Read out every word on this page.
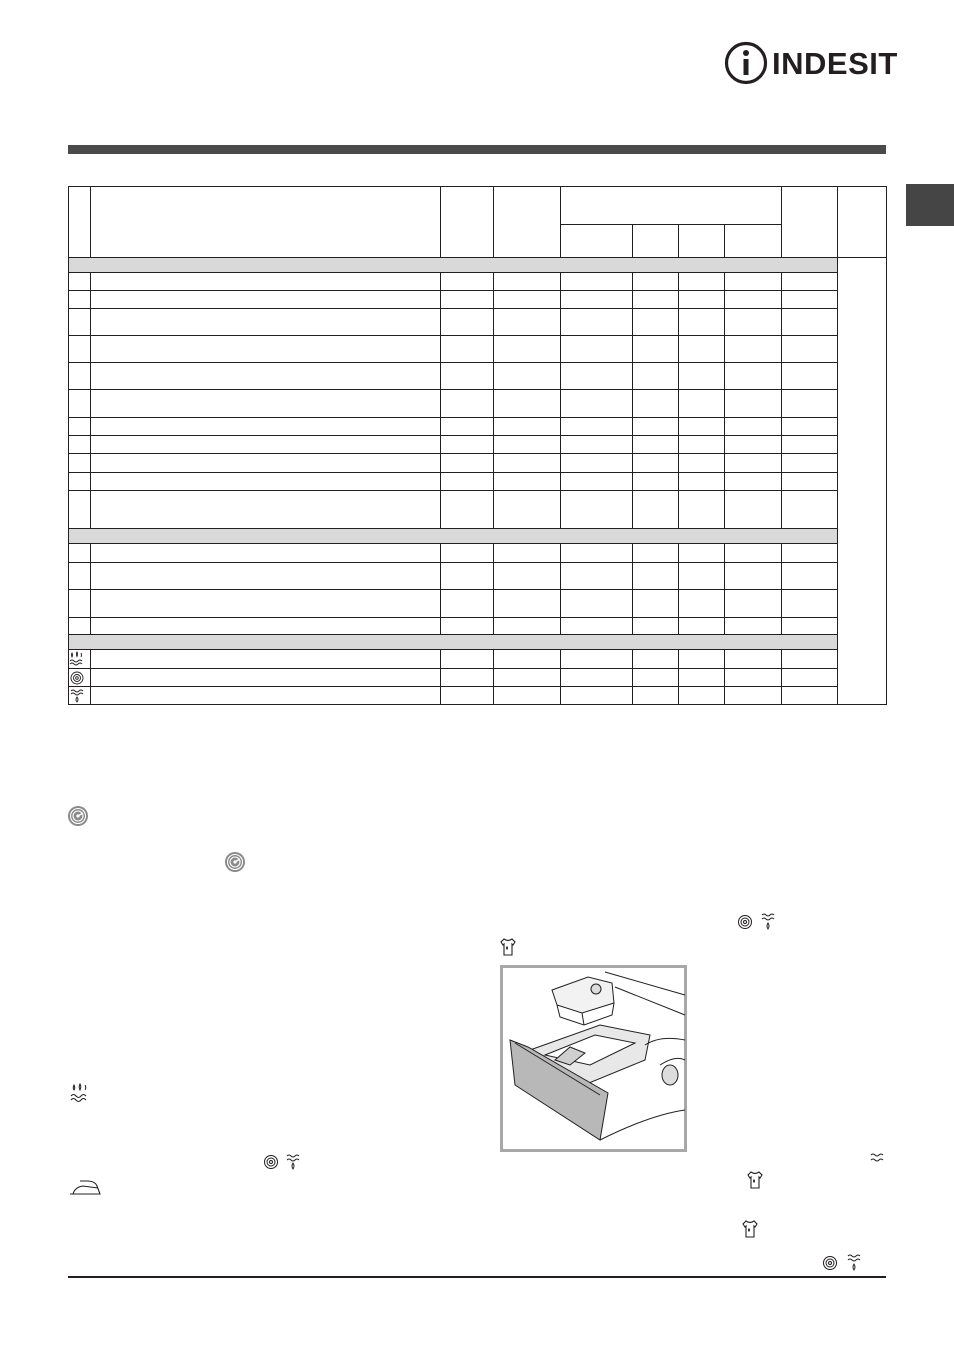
INDESIT
